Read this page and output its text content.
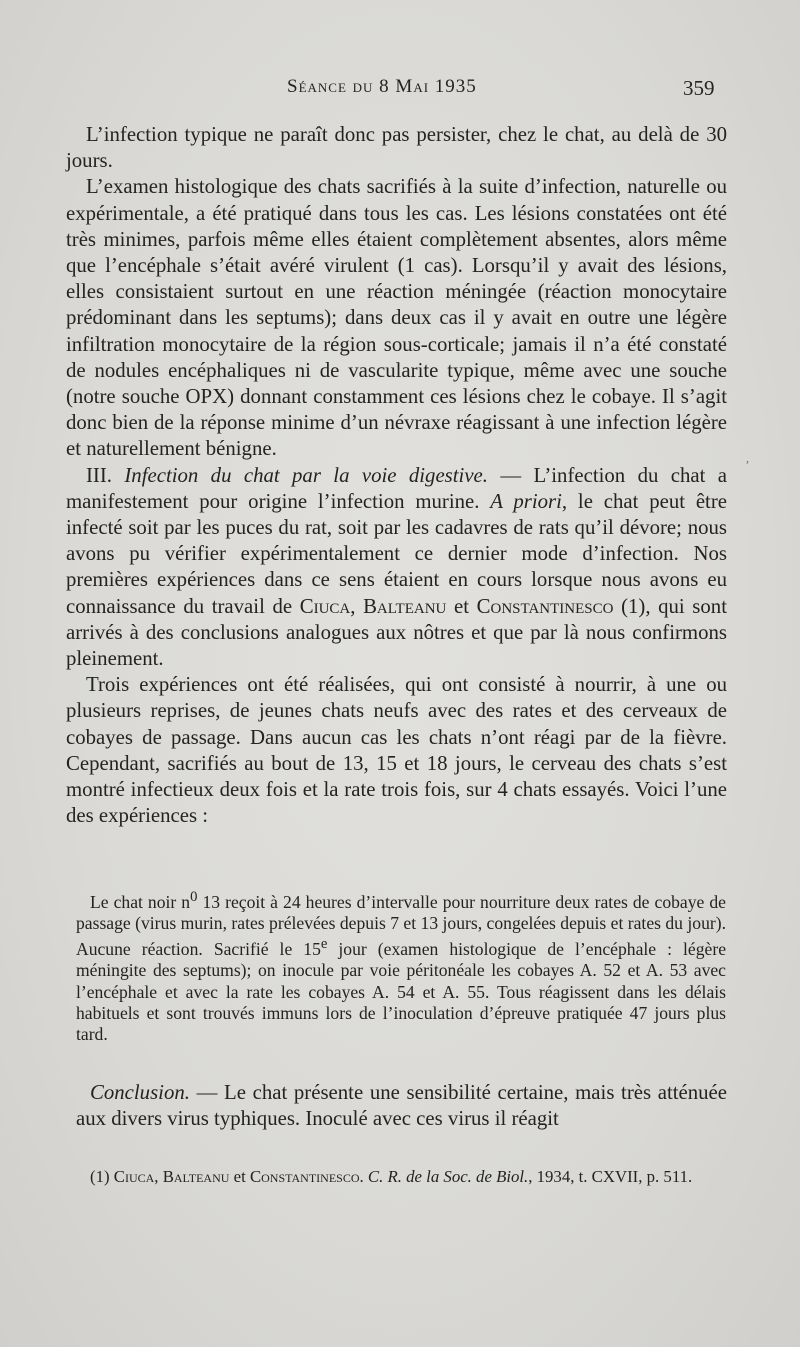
Séance du 8 Mai 1935	359

L’infection typique ne paraît donc pas persister, chez le chat, au delà de 30 jours.

L’examen histologique des chats sacrifiés à la suite d’infection, naturelle ou expérimentale, a été pratiqué dans tous les cas. Les lésions constatées ont été très minimes, parfois même elles étaient complètement absentes, alors même que l’encéphale s’était avéré virulent (1 cas). Lorsqu’il y avait des lésions, elles consistaient surtout en une réaction méningée (réaction monocytaire prédominant dans les septums); dans deux cas il y avait en outre une légère infiltration monocytaire de la région sous-corticale; jamais il n’a été constaté de nodules encéphaliques ni de vascularite typique, même avec une souche (notre souche OPX) donnant constamment ces lésions chez le cobaye. Il s’agit donc bien de la réponse minime d’un névraxe réagissant à une infection légère et naturellement bénigne.

III. Infection du chat par la voie digestive. — L’infection du chat a manifestement pour origine l’infection murine. A priori, le chat peut être infecté soit par les puces du rat, soit par les cadavres de rats qu’il dévore; nous avons pu vérifier expérimentalement ce dernier mode d’infection. Nos premières expériences dans ce sens étaient en cours lorsque nous avons eu connaissance du travail de Ciuca, Balteanu et Constantinesco (1), qui sont arrivés à des conclusions analogues aux nôtres et que par là nous confirmons pleinement.

Trois expériences ont été réalisées, qui ont consisté à nourrir, à une ou plusieurs reprises, de jeunes chats neufs avec des rates et des cerveaux de cobayes de passage. Dans aucun cas les chats n’ont réagi par de la fièvre. Cependant, sacrifiés au bout de 13, 15 et 18 jours, le cerveau des chats s’est montré infectieux deux fois et la rate trois fois, sur 4 chats essayés. Voici l’une des expériences :

Le chat noir $n^0$ 13 reçoit à 24 heures d’intervalle pour nourriture deux rates de cobaye de passage (virus murin, rates prélevées depuis 7 et 13 jours, congelées depuis et rates du jour). Aucune réaction. Sacrifié le 15e jour (examen histologique de l’encéphale : légère méningite des septums); on inocule par voie péritonéale les cobayes A. 52 et A. 53 avec l’encéphale et avec la rate les cobayes A. 54 et A. 55. Tous réagissent dans les délais habituels et sont trouvés immuns lors de l’inoculation d’épreuve pratiquée 47 jours plus tard.

Conclusion. — Le chat présente une sensibilité certaine, mais très atténuée aux divers virus typhiques. Inoculé avec ces virus il réagit

(1) Ciuca, Balteanu et Constantinesco. C. R. de la Soc. de Biol., 1934, t. CXVII, p. 511.

,
